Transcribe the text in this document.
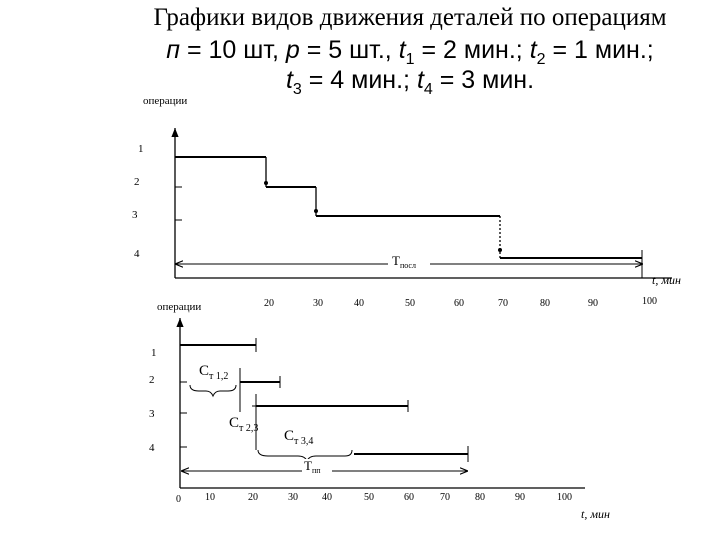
Графики видов движения деталей по операциям
п = 10 шт, р = 5 шт., $t_1 = 2$ мин.; $t_2 = 1$ мин.;
$t_3 = 4$ мин.; $t_4 = 3$ мин.
операции
1
2
3
4	$T_{посл}$
t, мин
20	30	40	50	60	70	80	90	100
операции
1
2
3
4
$C_{т 1,2}$
$C_{т 2,3}$ $C_{т 3,4}$
$T_{пп}$
0 10	20	30 40	50	60	70	80	90	100
t, мин
